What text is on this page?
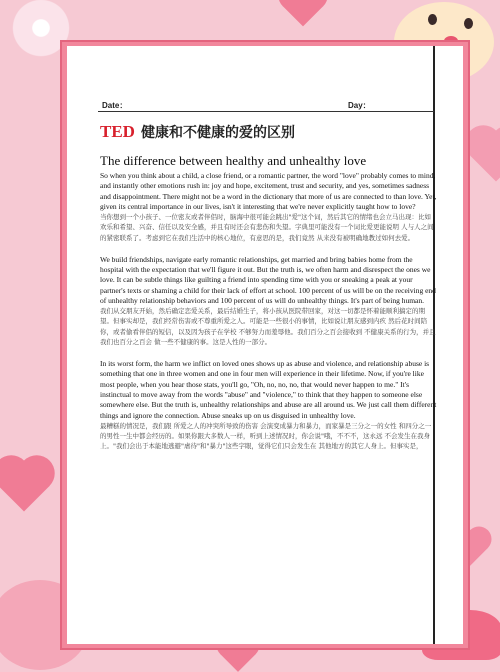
Date：	Day：
TED 健康和不健康的爱的区别
The difference between healthy and unhealthy love

So when you think about a child, a close friend, or a romantic partner, the word "love" probably comes to mind, and instantly other emotions rush in: joy and hope, excitement, trust and security, and yes, sometimes sadness and disappointment. There might not be a word in the dictionary that more of us are connected to than love. Yet, given its central importance in our lives, isn't it interesting that we're never explicitly taught how to love?
当你想到一个小孩子、一位密友或者伴侣时，脑海中很可能会跳出"爱"这个词，然后其它的情绪也会立马出现：比如欢乐和希望、兴奋、信任以及安全感，并且有时还会有悲伤和失望。字典里可能没有一个词比爱更能说明 人与人之间的紧密联系了。考虑到它在我们生活中的核心地位，有意思的是，我们竟然 从来没有被明确地教过如何去爱。

We build friendships, navigate early romantic relationships, get married and bring babies home from the hospital with the expectation that we'll figure it out. But the truth is, we often harm and disrespect the ones we love. It can be subtle things like guilting a friend into spending time with you or sneaking a peak at your partner's texts or shaming a child for their lack of effort at school. 100 percent of us will be on the receiving end of unhealthy relationship behaviors and 100 percent of us will do unhealthy things. It's part of being human.
我们从交朋友开始，然后确定恋爱关系，最后结婚生子，将小孩从医院带回家，对这一切都是怀着能顺利搞定的期望。但事实却是，我们经常伤害或不尊重所爱之人。可能是一些很小的事情，比如说让朋友感到内疚 然后花时间陪你，或者偷看伴侣的短信，以及因为孩子在学校 不够努力而羞辱他。我们百分之百会接收到 不健康关系的行为，并且我们也百分之百会 做一些不健康的事。这是人性的一部分。

In its worst form, the harm we inflict on loved ones shows up as abuse and violence, and relationship abuse is something that one in three women and one in four men will experience in their lifetime. Now, if you're like most people, when you hear those stats, you'll go, "Oh, no, no, no, that would never happen to me." It's instinctual to move away from the words "abuse" and "violence," to think that they happen to someone else somewhere else. But the truth is, unhealthy relationships and abuse are all around us. We just call them different things and ignore the connection. Abuse sneaks up on us disguised in unhealthy love.
最糟糕的情况是，我们跟 所爱之人的冲突所导致的伤害 会演变成暴力和暴力，而家暴是三分之一的女性 和四分之一的男性一生中都会经历的。如果你跟大多数人一样，听到上述情况时，你会说"哦，不不不，这永远 不会发生在我身上。"我们会出于本能地逃避"虐待"和"暴力"这些字眼，觉得它们只会发生在 其他地方的其它人身上。但事实是，
